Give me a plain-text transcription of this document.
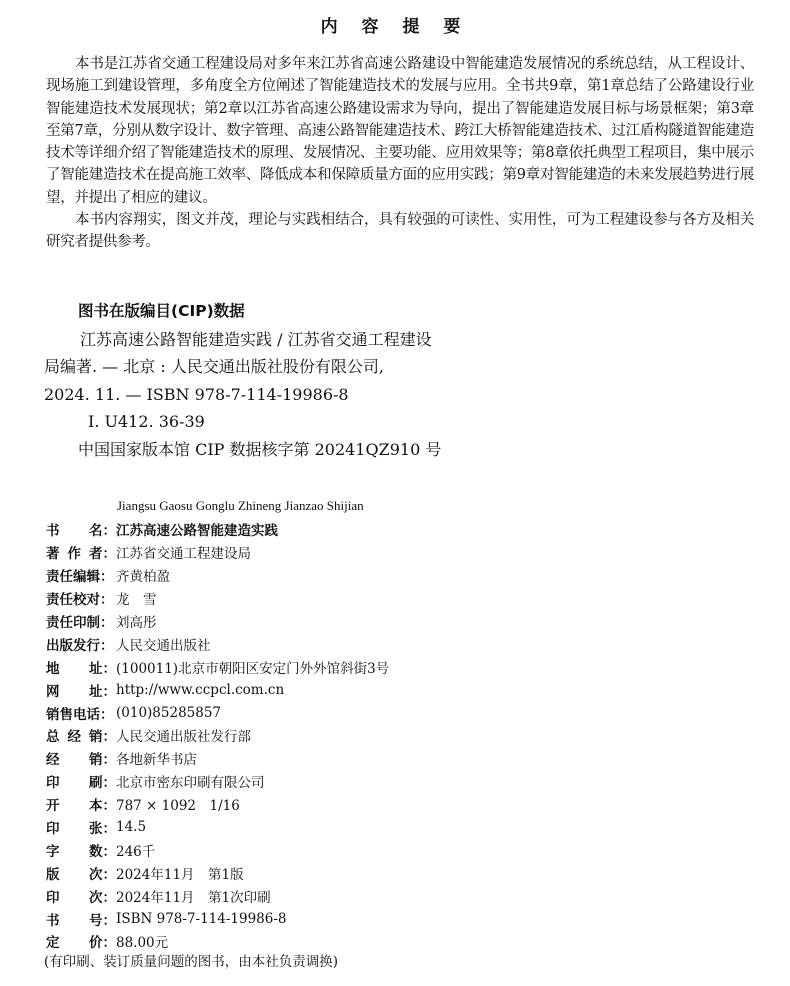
内 容 提 要

本书是江苏省交通工程建设局对多年来江苏省高速公路建设中智能建造发展情况的系统总结，从工程设计、现场施工到建设管理，多角度全方位阐述了智能建造技术的发展与应用。全书共9章，第1章总结了公路建设行业智能建造技术发展现状；第2章以江苏省高速公路建设需求为导向，提出了智能建造发展目标与场景框架；第3章至第7章，分别从数字设计、数字管理、高速公路智能建造技术、跨江大桥智能建造技术、过江盾构隧道智能建造技术等详细介绍了智能建造技术的原理、发展情况、主要功能、应用效果等；第8章依托典型工程项目，集中展示了智能建造技术在提高施工效率、降低成本和保障质量方面的应用实践；第9章对智能建造的未来发展趋势进行展望，并提出了相应的建议。

本书内容翔实，图文并茂，理论与实践相结合，具有较强的可读性、实用性，可为工程建设参与各方及相关研究者提供参考。

图书在版编目(CIP)数据
江苏高速公路智能建造实践 / 江苏省交通工程建设
局编著. — 北京 : 人民交通出版社股份有限公司,
2024. 11. — ISBN 978-7-114-19986-8
Ⅰ. U412. 36-39
中国国家版本馆 CIP 数据核字第 20241QZ910 号
Jiangsu Gaosu Gonglu Zhineng Jianzao Shijian
书 名： 江苏高速公路智能建造实践
著 作 者： 江苏省交通工程建设局
责任编辑： 齐黄柏盈
责任校对： 龙　雪
责任印制： 刘高彤
出版发行： 人民交通出版社
地 址： (100011)北京市朝阳区安定门外外馆斜街3号
网 址： http://www.ccpcl.com.cn
销售电话： (010)85285857
总 经 销： 人民交通出版社发行部
经 销： 各地新华书店
印 刷： 北京市密东印刷有限公司
开 本： 787 × 1092　1/16
印 张： 14.5
字 数： 246千
版 次： 2024年11月　第1版
印 次： 2024年11月　第1次印刷
书 号： ISBN 978-7-114-19986-8
定 价： 88.00元
(有印刷、装订质量问题的图书，由本社负责调换)
